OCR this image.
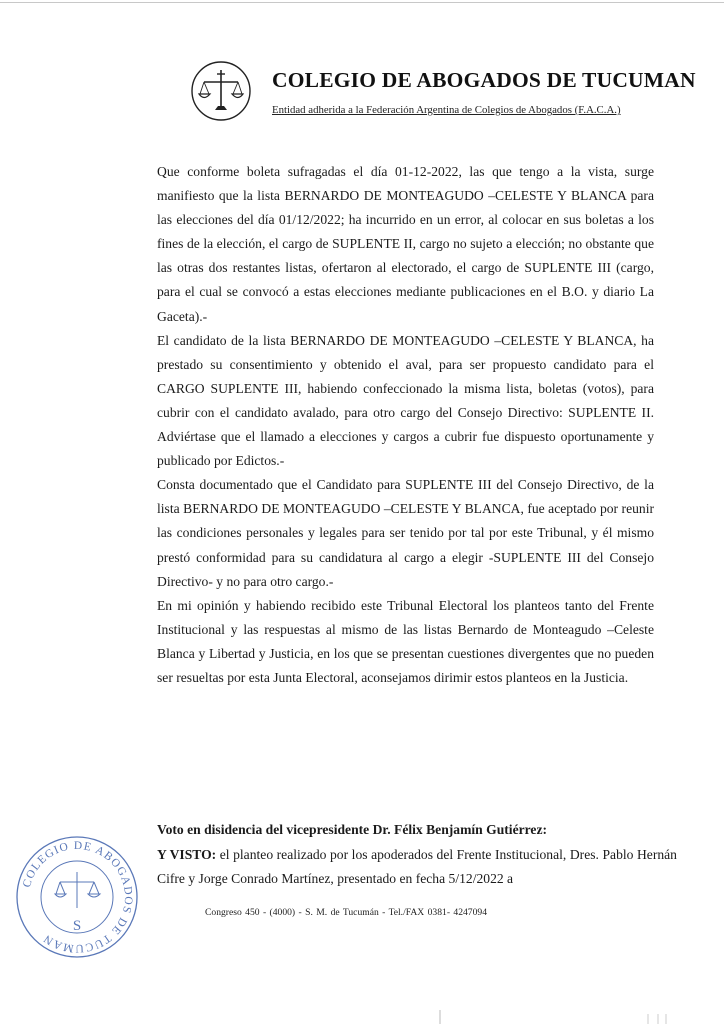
COLEGIO DE ABOGADOS DE TUCUMAN
Entidad adherida a la Federación Argentina de Colegios de Abogados (F.A.C.A.)

Que conforme boleta sufragadas el día 01-12-2022, las que tengo a la vista, surge manifiesto que la lista BERNARDO DE MONTEAGUDO –CELESTE Y BLANCA para las elecciones del día 01/12/2022; ha incurrido en un error, al colocar en sus boletas a los fines de la elección, el cargo de SUPLENTE II, cargo no sujeto a elección; no obstante que las otras dos restantes listas, ofertaron al electorado, el cargo de SUPLENTE III (cargo, para el cual se convocó a estas elecciones mediante publicaciones en el B.O. y diario La Gaceta).-

El candidato de la lista BERNARDO DE MONTEAGUDO –CELESTE Y BLANCA, ha prestado su consentimiento y obtenido el aval, para ser propuesto candidato para el CARGO SUPLENTE III, habiendo confeccionado la misma lista, boletas (votos), para cubrir con el candidato avalado, para otro cargo del Consejo Directivo: SUPLENTE II. Adviértase que el llamado a elecciones y cargos a cubrir fue dispuesto oportunamente y publicado por Edictos.-

Consta documentado que el Candidato para SUPLENTE III del Consejo Directivo, de la lista BERNARDO DE MONTEAGUDO –CELESTE Y BLANCA, fue aceptado por reunir las condiciones personales y legales para ser tenido por tal por este Tribunal, y él mismo prestó conformidad para su candidatura al cargo a elegir -SUPLENTE III del Consejo Directivo- y no para otro cargo.-

En mi opinión y habiendo recibido este Tribunal Electoral los planteos tanto del Frente Institucional y las respuestas al mismo de las listas Bernardo de Monteagudo –Celeste Blanca y Libertad y Justicia, en los que se presentan cuestiones divergentes que no pueden ser resueltas por esta Junta Electoral, aconsejamos dirimir estos planteos en la Justicia.

Voto en disidencia del vicepresidente Dr. Félix Benjamín Gutiérrez:

Y VISTO: el planteo realizado por los apoderados del Frente Institucional, Dres. Pablo Hernán Cifre y Jorge Conrado Martínez, presentado en fecha 5/12/2022 a

COLEGIO DE ABOGADOS DE TUCUMAN
S
Congreso 450 - (4000) - S. M. de Tucumán - Tel./FAX 0381- 4247094
